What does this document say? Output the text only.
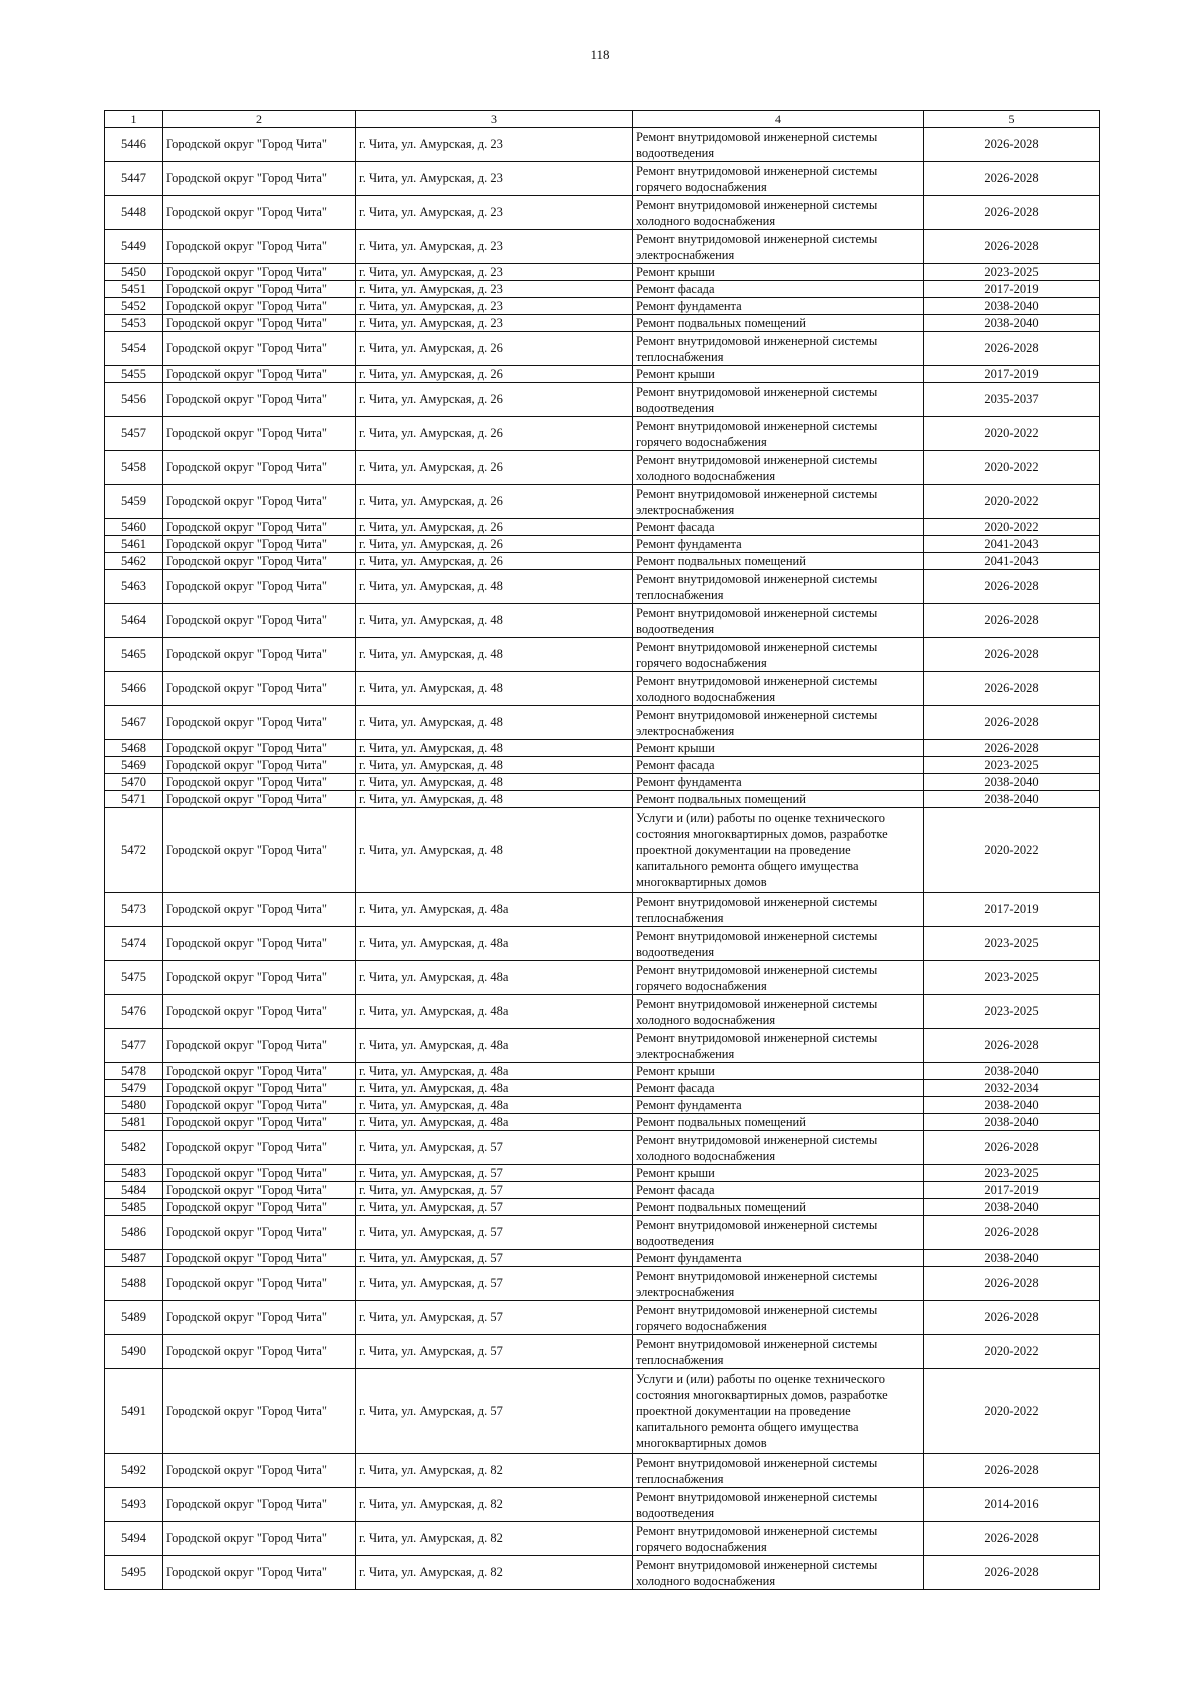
118
1	2	3	4	5
5446	Городской округ "Город Чита"	г. Чита, ул. Амурская, д. 23	Ремонт внутридомовой инженерной системы водоотведения	2026-2028
5447	Городской округ "Город Чита"	г. Чита, ул. Амурская, д. 23	Ремонт внутридомовой инженерной системы горячего водоснабжения	2026-2028
5448	Городской округ "Город Чита"	г. Чита, ул. Амурская, д. 23	Ремонт внутридомовой инженерной системы холодного водоснабжения	2026-2028
5449	Городской округ "Город Чита"	г. Чита, ул. Амурская, д. 23	Ремонт внутридомовой инженерной системы электроснабжения	2026-2028
5450	Городской округ "Город Чита"	г. Чита, ул. Амурская, д. 23	Ремонт крыши	2023-2025
5451	Городской округ "Город Чита"	г. Чита, ул. Амурская, д. 23	Ремонт фасада	2017-2019
5452	Городской округ "Город Чита"	г. Чита, ул. Амурская, д. 23	Ремонт фундамента	2038-2040
5453	Городской округ "Город Чита"	г. Чита, ул. Амурская, д. 23	Ремонт подвальных помещений	2038-2040
5454	Городской округ "Город Чита"	г. Чита, ул. Амурская, д. 26	Ремонт внутридомовой инженерной системы теплоснабжения	2026-2028
5455	Городской округ "Город Чита"	г. Чита, ул. Амурская, д. 26	Ремонт крыши	2017-2019
5456	Городской округ "Город Чита"	г. Чита, ул. Амурская, д. 26	Ремонт внутридомовой инженерной системы водоотведения	2035-2037
5457	Городской округ "Город Чита"	г. Чита, ул. Амурская, д. 26	Ремонт внутридомовой инженерной системы горячего водоснабжения	2020-2022
5458	Городской округ "Город Чита"	г. Чита, ул. Амурская, д. 26	Ремонт внутридомовой инженерной системы холодного водоснабжения	2020-2022
5459	Городской округ "Город Чита"	г. Чита, ул. Амурская, д. 26	Ремонт внутридомовой инженерной системы электроснабжения	2020-2022
5460	Городской округ "Город Чита"	г. Чита, ул. Амурская, д. 26	Ремонт фасада	2020-2022
5461	Городской округ "Город Чита"	г. Чита, ул. Амурская, д. 26	Ремонт фундамента	2041-2043
5462	Городской округ "Город Чита"	г. Чита, ул. Амурская, д. 26	Ремонт подвальных помещений	2041-2043
5463	Городской округ "Город Чита"	г. Чита, ул. Амурская, д. 48	Ремонт внутридомовой инженерной системы теплоснабжения	2026-2028
5464	Городской округ "Город Чита"	г. Чита, ул. Амурская, д. 48	Ремонт внутридомовой инженерной системы водоотведения	2026-2028
5465	Городской округ "Город Чита"	г. Чита, ул. Амурская, д. 48	Ремонт внутридомовой инженерной системы горячего водоснабжения	2026-2028
5466	Городской округ "Город Чита"	г. Чита, ул. Амурская, д. 48	Ремонт внутридомовой инженерной системы холодного водоснабжения	2026-2028
5467	Городской округ "Город Чита"	г. Чита, ул. Амурская, д. 48	Ремонт внутридомовой инженерной системы электроснабжения	2026-2028
5468	Городской округ "Город Чита"	г. Чита, ул. Амурская, д. 48	Ремонт крыши	2026-2028
5469	Городской округ "Город Чита"	г. Чита, ул. Амурская, д. 48	Ремонт фасада	2023-2025
5470	Городской округ "Город Чита"	г. Чита, ул. Амурская, д. 48	Ремонт фундамента	2038-2040
5471	Городской округ "Город Чита"	г. Чита, ул. Амурская, д. 48	Ремонт подвальных помещений	2038-2040
5472	Городской округ "Город Чита"	г. Чита, ул. Амурская, д. 48	Услуги и (или) работы по оценке технического состояния многоквартирных домов, разработке проектной документации на проведение капитального ремонта общего имущества многоквартирных домов	2020-2022
5473	Городской округ "Город Чита"	г. Чита, ул. Амурская, д. 48а	Ремонт внутридомовой инженерной системы теплоснабжения	2017-2019
5474	Городской округ "Город Чита"	г. Чита, ул. Амурская, д. 48а	Ремонт внутридомовой инженерной системы водоотведения	2023-2025
5475	Городской округ "Город Чита"	г. Чита, ул. Амурская, д. 48а	Ремонт внутридомовой инженерной системы горячего водоснабжения	2023-2025
5476	Городской округ "Город Чита"	г. Чита, ул. Амурская, д. 48а	Ремонт внутридомовой инженерной системы холодного водоснабжения	2023-2025
5477	Городской округ "Город Чита"	г. Чита, ул. Амурская, д. 48а	Ремонт внутридомовой инженерной системы электроснабжения	2026-2028
5478	Городской округ "Город Чита"	г. Чита, ул. Амурская, д. 48а	Ремонт крыши	2038-2040
5479	Городской округ "Город Чита"	г. Чита, ул. Амурская, д. 48а	Ремонт фасада	2032-2034
5480	Городской округ "Город Чита"	г. Чита, ул. Амурская, д. 48а	Ремонт фундамента	2038-2040
5481	Городской округ "Город Чита"	г. Чита, ул. Амурская, д. 48а	Ремонт подвальных помещений	2038-2040
5482	Городской округ "Город Чита"	г. Чита, ул. Амурская, д. 57	Ремонт внутридомовой инженерной системы холодного водоснабжения	2026-2028
5483	Городской округ "Город Чита"	г. Чита, ул. Амурская, д. 57	Ремонт крыши	2023-2025
5484	Городской округ "Город Чита"	г. Чита, ул. Амурская, д. 57	Ремонт фасада	2017-2019
5485	Городской округ "Город Чита"	г. Чита, ул. Амурская, д. 57	Ремонт подвальных помещений	2038-2040
5486	Городской округ "Город Чита"	г. Чита, ул. Амурская, д. 57	Ремонт внутридомовой инженерной системы водоотведения	2026-2028
5487	Городской округ "Город Чита"	г. Чита, ул. Амурская, д. 57	Ремонт фундамента	2038-2040
5488	Городской округ "Город Чита"	г. Чита, ул. Амурская, д. 57	Ремонт внутридомовой инженерной системы электроснабжения	2026-2028
5489	Городской округ "Город Чита"	г. Чита, ул. Амурская, д. 57	Ремонт внутридомовой инженерной системы горячего водоснабжения	2026-2028
5490	Городской округ "Город Чита"	г. Чита, ул. Амурская, д. 57	Ремонт внутридомовой инженерной системы теплоснабжения	2020-2022
5491	Городской округ "Город Чита"	г. Чита, ул. Амурская, д. 57	Услуги и (или) работы по оценке технического состояния многоквартирных домов, разработке проектной документации на проведение капитального ремонта общего имущества многоквартирных домов	2020-2022
5492	Городской округ "Город Чита"	г. Чита, ул. Амурская, д. 82	Ремонт внутридомовой инженерной системы теплоснабжения	2026-2028
5493	Городской округ "Город Чита"	г. Чита, ул. Амурская, д. 82	Ремонт внутридомовой инженерной системы водоотведения	2014-2016
5494	Городской округ "Город Чита"	г. Чита, ул. Амурская, д. 82	Ремонт внутридомовой инженерной системы горячего водоснабжения	2026-2028
5495	Городской округ "Город Чита"	г. Чита, ул. Амурская, д. 82	Ремонт внутридомовой инженерной системы холодного водоснабжения	2026-2028
